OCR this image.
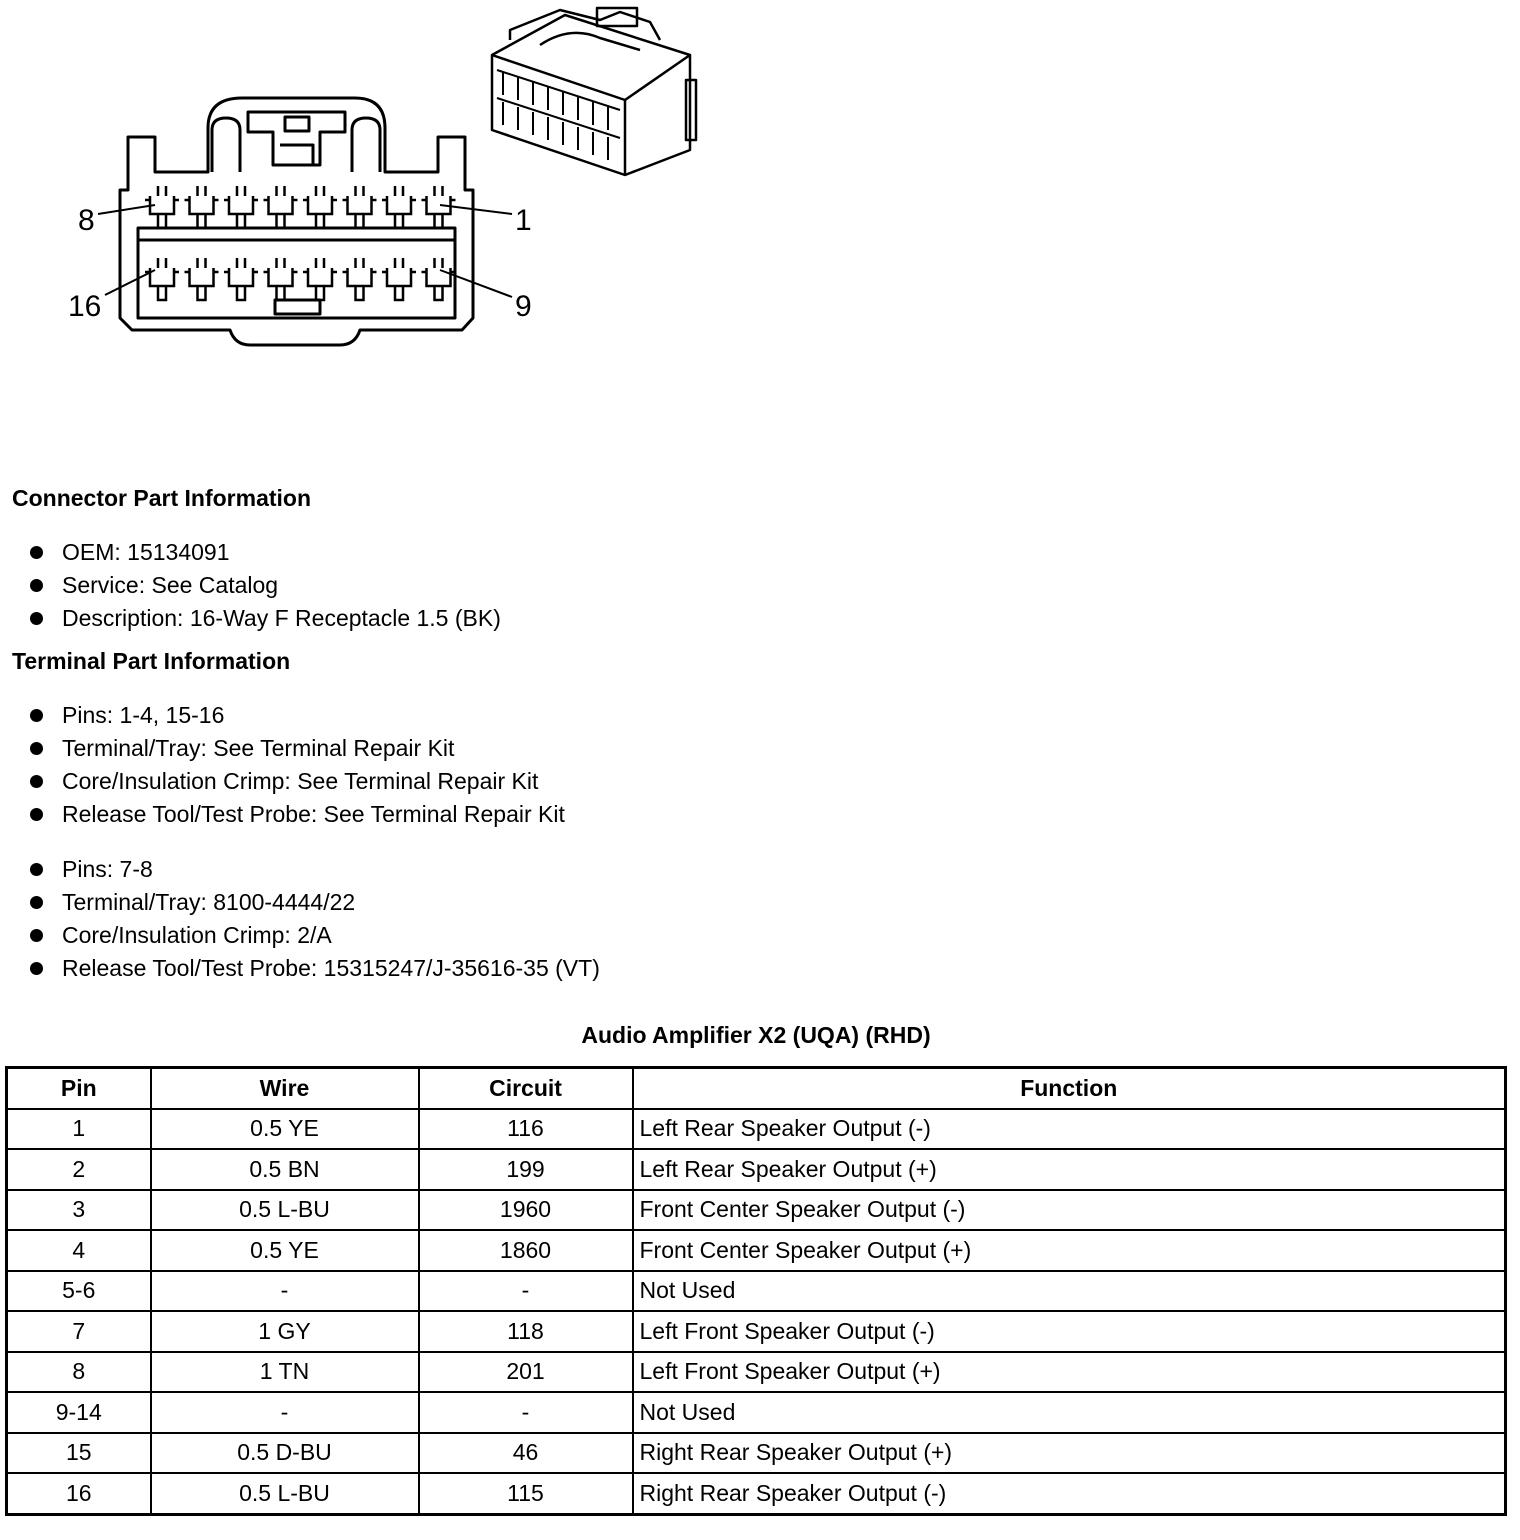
8	1
16	9
Connector Part Information
OEM: 15134091
Service: See Catalog
Description: 16-Way F Receptacle 1.5 (BK)
Terminal Part Information
Pins: 1-4, 15-16
Terminal/Tray: See Terminal Repair Kit
Core/Insulation Crimp: See Terminal Repair Kit
Release Tool/Test Probe: See Terminal Repair Kit
Pins: 7-8
Terminal/Tray: 8100-4444/22
Core/Insulation Crimp: 2/A
Release Tool/Test Probe: 15315247/J-35616-35 (VT)
Audio Amplifier X2 (UQA) (RHD)
Pin	Wire	Circuit	Function
1	0.5 YE	116	Left Rear Speaker Output (-)
2	0.5 BN	199	Left Rear Speaker Output (+)
3	0.5 L-BU	1960	Front Center Speaker Output (-)
4	0.5 YE	1860	Front Center Speaker Output (+)
5-6	-	-	Not Used
7	1 GY	118	Left Front Speaker Output (-)
8	1 TN	201	Left Front Speaker Output (+)
9-14	-	-	Not Used
15	0.5 D-BU	46	Right Rear Speaker Output (+)
16	0.5 L-BU	115	Right Rear Speaker Output (-)
